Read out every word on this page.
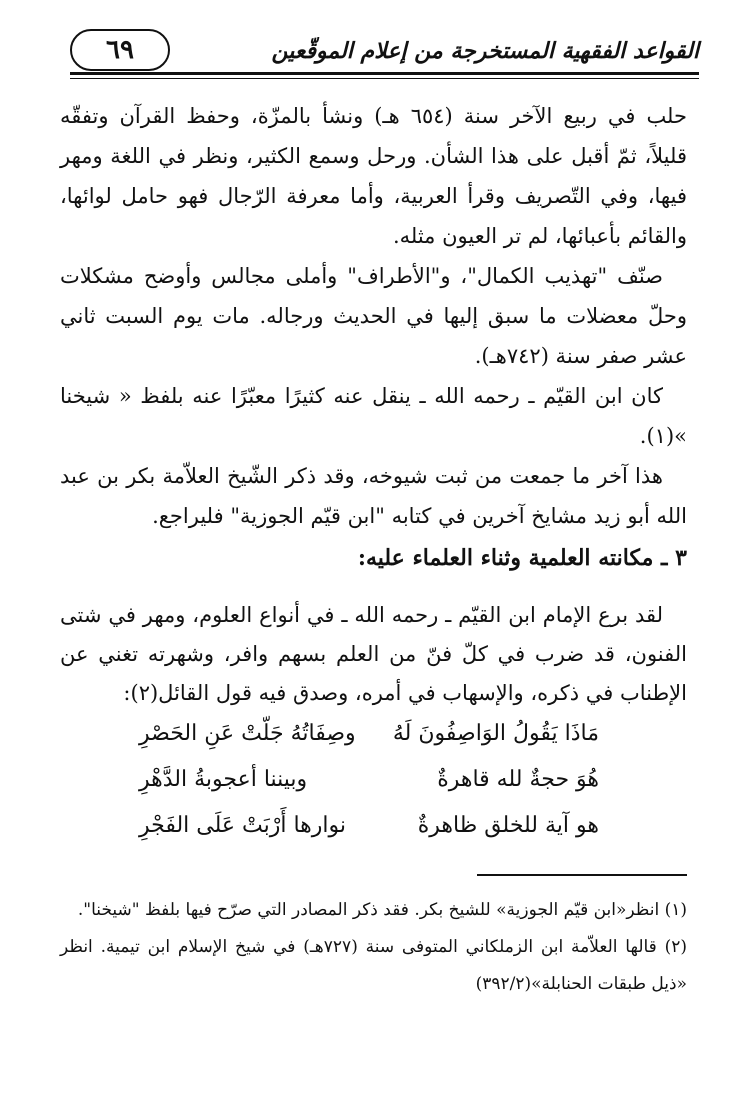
القواعد الفقهية المستخرجة من إعلام الموقّعين
٦٩

حلب في ربيع الآخر سنة (٦٥٤ هـ) ونشأ بالمزّة، وحفظ القرآن وتفقّه قليلاً، ثمّ أقبل على هذا الشأن. ورحل وسمع الكثير، ونظر في اللغة ومهر فيها، وفي التّصريف وقرأ العربية، وأما معرفة الرّجال فهو حامل لوائها، والقائم بأعبائها، لم تر العيون مثله.

صنّف "تهذيب الكمال"، و"الأطراف" وأملى مجالس وأوضح مشكلات وحلّ معضلات ما سبق إليها في الحديث ورجاله. مات يوم السبت ثاني عشر صفر سنة (٧٤٢هـ).

كان ابن القيّم ـ رحمه الله ـ ينقل عنه كثيرًا معبّرًا عنه بلفظ « شيخنا »(١).

هذا آخر ما جمعت من ثبت شيوخه، وقد ذكر الشّيخ العلاّمة بكر بن عبد الله أبو زيد مشايخ آخرين في كتابه "ابن قيّم الجوزية" فليراجع.

٣ ـ مكانته العلمية وثناء العلماء عليه:

لقد برع الإمام ابن القيّم ـ رحمه الله ـ في أنواع العلوم، ومهر في شتى الفنون، قد ضرب في كلّ فنّ من العلم بسهم وافر، وشهرته تغني عن الإطناب في ذكره، والإسهاب في أمره، وصدق فيه قول القائل(٢):

مَاذَا يَقُولُ الوَاصِفُونَ لَهُ
وصِفَاتُهُ جَلّتْ عَنِ الحَصْرِ
هُوَ حجةٌ لله قاهرةٌ
وبيننا أعجوبةُ الدَّهْرِ
هو آية للخلق ظاهرةٌ
نوارها أَرْبَتْ عَلَى الفَجْرِ

(١) انظر«ابن قيّم الجوزية» للشيخ بكر. فقد ذكر المصادر التي صرّح فيها بلفظ "شيخنا".

(٢) قالها العلاّمة ابن الزملكاني المتوفى سنة (٧٢٧هـ) في شيخ الإسلام ابن تيمية. انظر «ذيل طبقات الحنابلة»(٣٩٢/٢)
